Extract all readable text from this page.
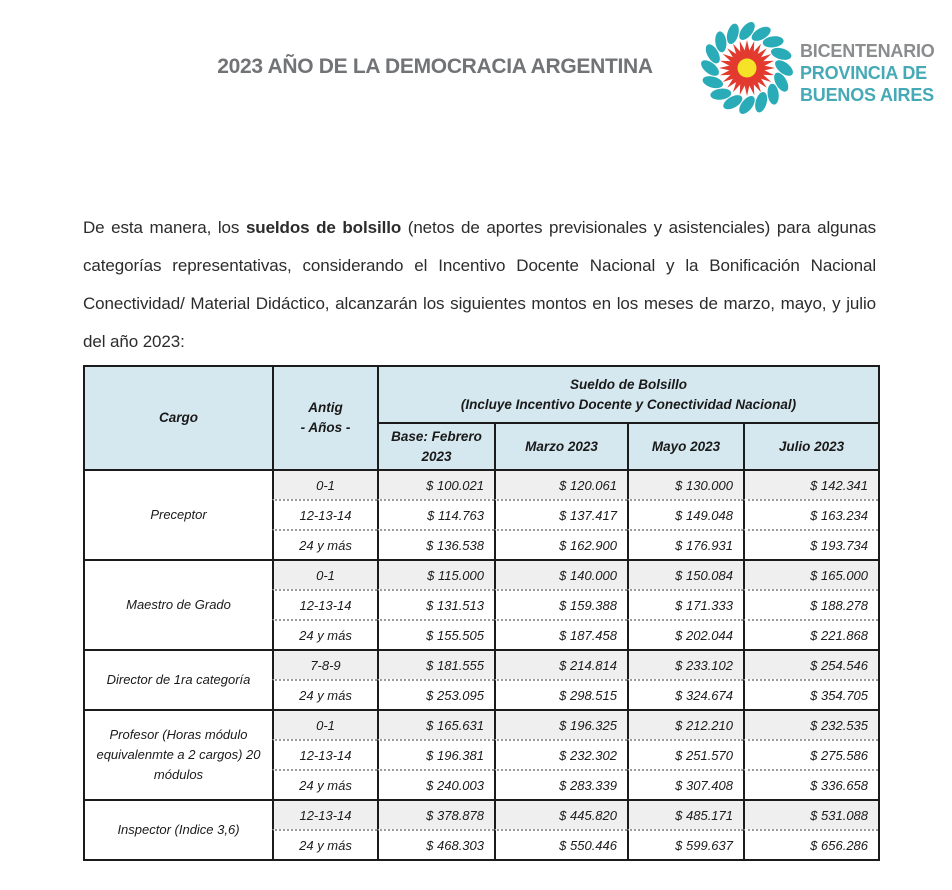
2023 AÑO DE LA DEMOCRACIA ARGENTINA
BICENTENARIO
PROVINCIA DE
BUENOS AIRES

De esta manera, los sueldos de bolsillo (netos de aportes previsionales y asistenciales) para algunas categorías representativas, considerando el Incentivo Docente Nacional y la Bonificación Nacional Conectividad/ Material Didáctico, alcanzarán los siguientes montos en los meses de marzo, mayo, y julio del año 2023:

Cargo	
Antig
- Años -

Sueldo de Bolsillo
(Incluye Incentivo Docente y Conectividad Nacional)

		Base: Febrero 2023	Marzo 2023	Mayo 2023	Julio 2023
Preceptor	0-1	$ 100.021	$ 120.061	$ 130.000	$ 142.341
	12-13-14	$ 114.763	$ 137.417	$ 149.048	$ 163.234
	24 y más	$ 136.538	$ 162.900	$ 176.931	$ 193.734
Maestro de Grado	0-1	$ 115.000	$ 140.000	$ 150.084	$ 165.000
	12-13-14	$ 131.513	$ 159.388	$ 171.333	$ 188.278
	24 y más	$ 155.505	$ 187.458	$ 202.044	$ 221.868
Director de 1ra categoría	7-8-9	$ 181.555	$ 214.814	$ 233.102	$ 254.546
	24 y más	$ 253.095	$ 298.515	$ 324.674	$ 354.705
Profesor (Horas módulo equivalenmte a 2 cargos) 20 módulos	0-1	$ 165.631	$ 196.325	$ 212.210	$ 232.535
	12-13-14	$ 196.381	$ 232.302	$ 251.570	$ 275.586
	24 y más	$ 240.003	$ 283.339	$ 307.408	$ 336.658
Inspector (Indice 3,6)	12-13-14	$ 378.878	$ 445.820	$ 485.171	$ 531.088
	24 y más	$ 468.303	$ 550.446	$ 599.637	$ 656.286
